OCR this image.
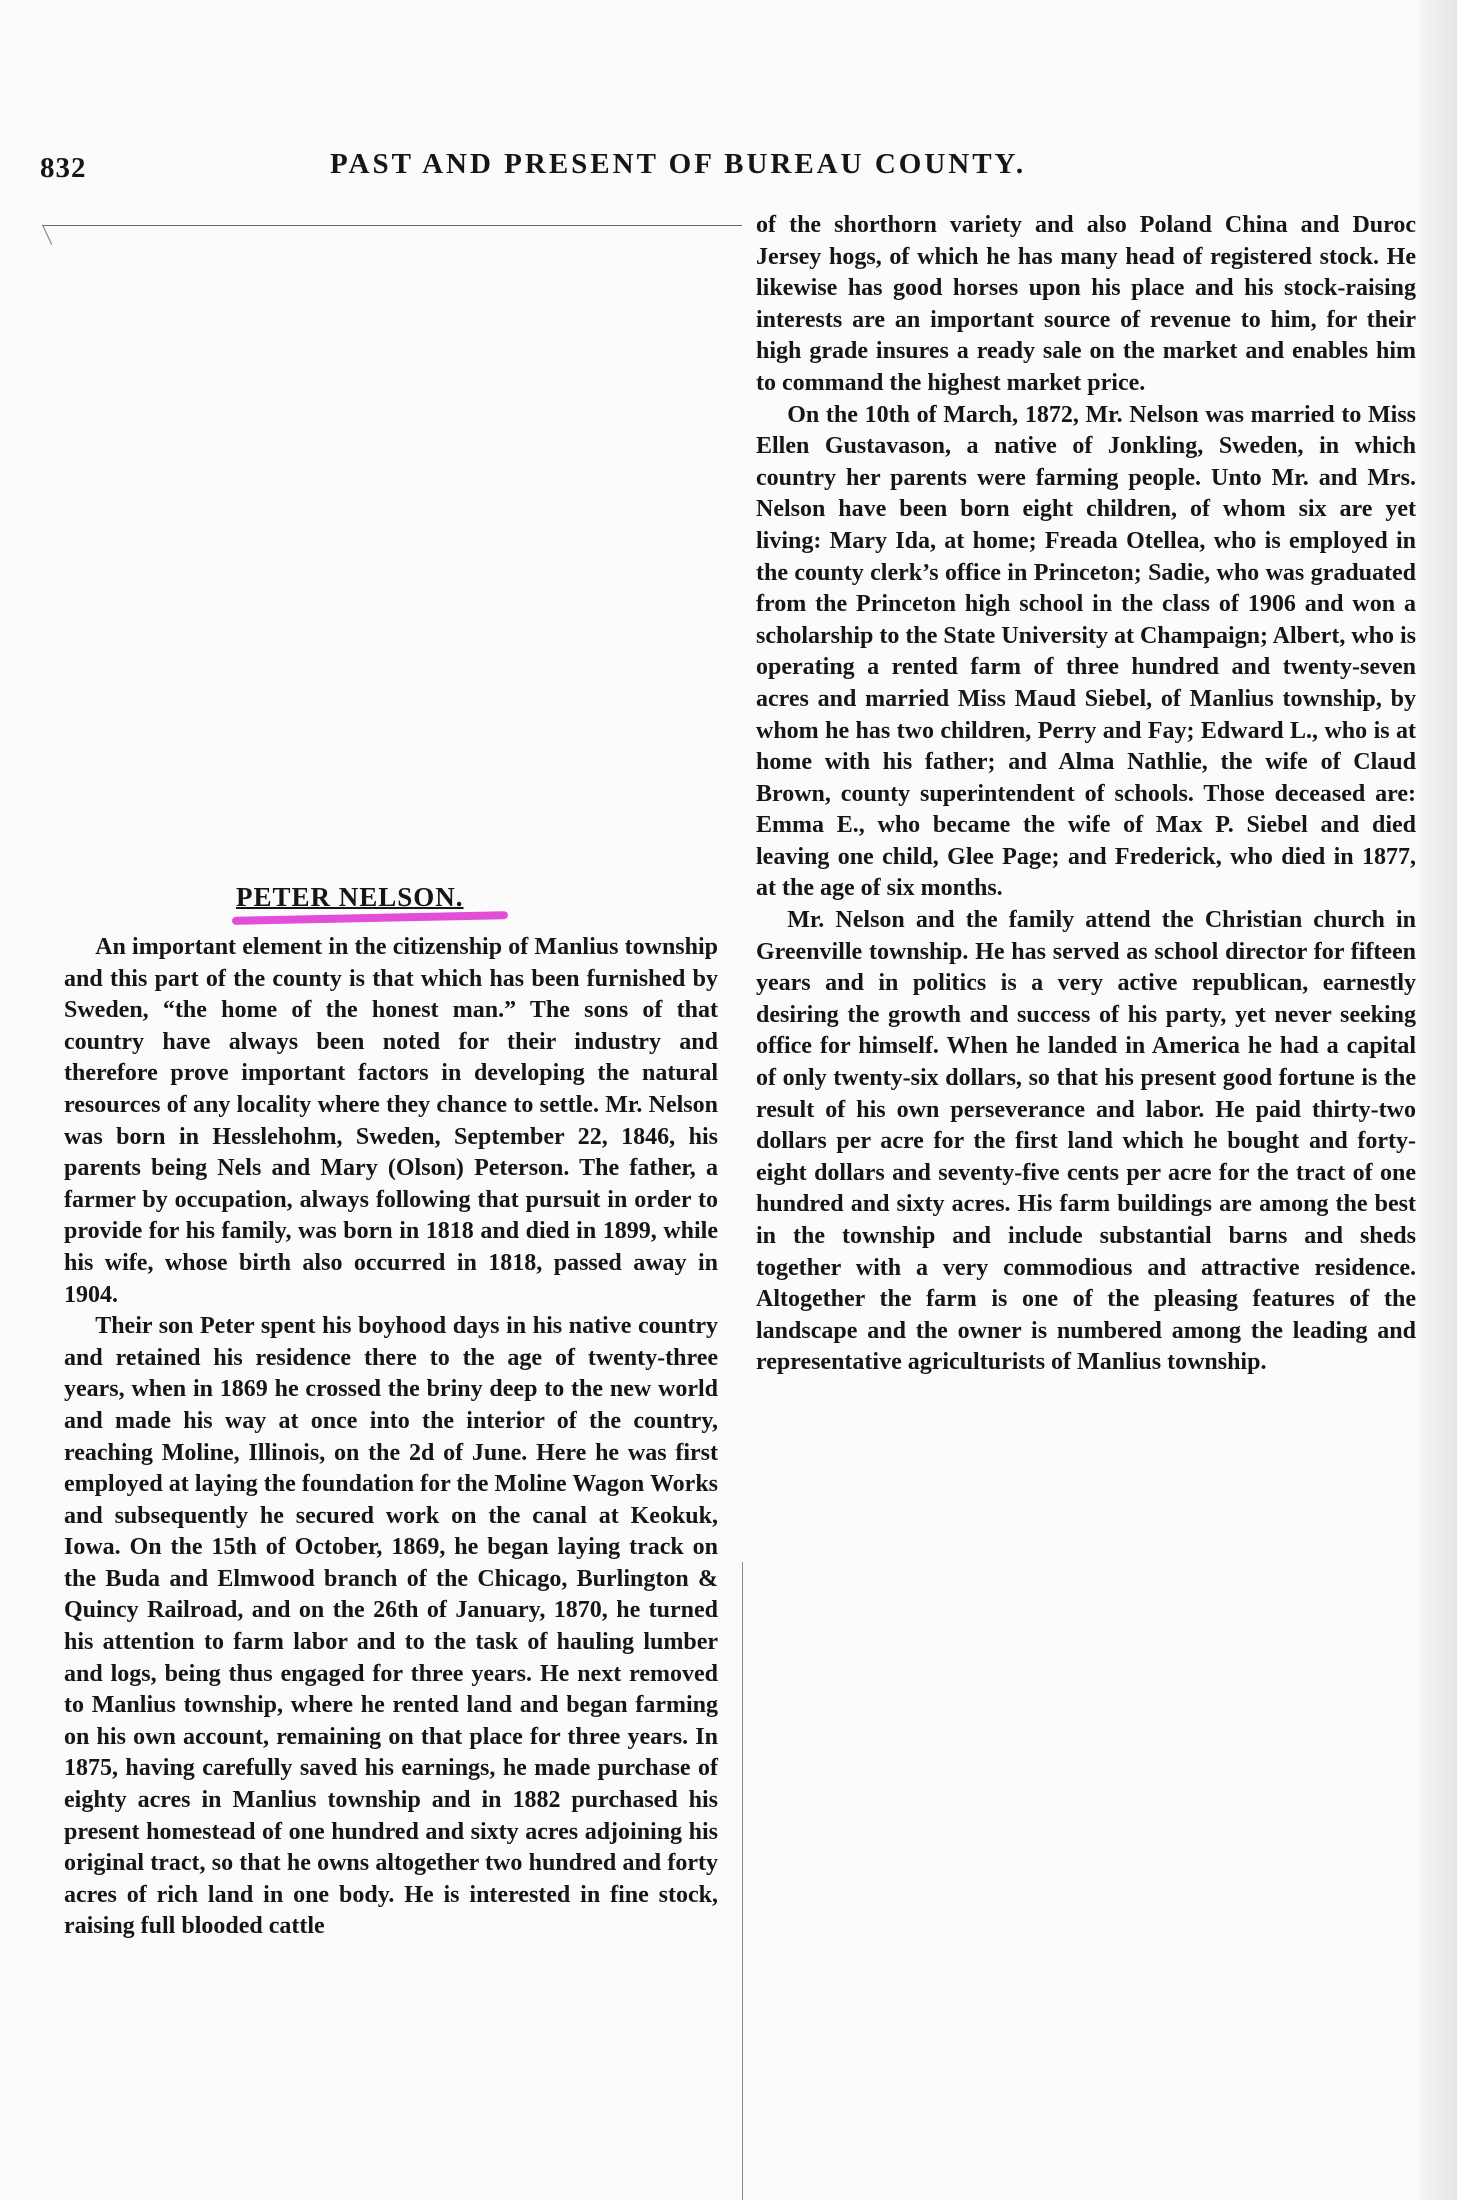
832	PAST AND PRESENT OF BUREAU COUNTY.
PETER NELSON.

An important element in the citizenship of Manlius township and this part of the county is that which has been furnished by Sweden, “the home of the honest man.” The sons of that country have always been noted for their industry and therefore prove important factors in developing the natural resources of any locality where they chance to settle. Mr. Nelson was born in Hesslehohm, Sweden, September 22, 1846, his parents being Nels and Mary (Olson) Peterson. The father, a farmer by occupation, always following that pursuit in order to provide for his family, was born in 1818 and died in 1899, while his wife, whose birth also occurred in 1818, passed away in 1904.

Their son Peter spent his boyhood days in his native country and retained his residence there to the age of twenty-three years, when in 1869 he crossed the briny deep to the new world and made his way at once into the interior of the country, reaching Moline, Illinois, on the 2d of June. Here he was first employed at laying the foundation for the Moline Wagon Works and subsequently he secured work on the canal at Keokuk, Iowa. On the 15th of October, 1869, he began laying track on the Buda and Elmwood branch of the Chicago, Burlington & Quincy Railroad, and on the 26th of January, 1870, he turned his attention to farm labor and to the task of hauling lumber and logs, being thus engaged for three years. He next removed to Manlius township, where he rented land and began farming on his own account, remaining on that place for three years. In 1875, having carefully saved his earnings, he made purchase of eighty acres in Manlius township and in 1882 purchased his present homestead of one hundred and sixty acres adjoining his original tract, so that he owns altogether two hundred and forty acres of rich land in one body. He is interested in fine stock, raising full blooded cattle

of the shorthorn variety and also Poland China and Duroc Jersey hogs, of which he has many head of registered stock. He likewise has good horses upon his place and his stock-raising interests are an important source of revenue to him, for their high grade insures a ready sale on the market and enables him to command the highest market price.

On the 10th of March, 1872, Mr. Nelson was married to Miss Ellen Gustavason, a native of Jonkling, Sweden, in which country her parents were farming people. Unto Mr. and Mrs. Nelson have been born eight children, of whom six are yet living: Mary Ida, at home; Freada Otellea, who is employed in the county clerk’s office in Princeton; Sadie, who was graduated from the Princeton high school in the class of 1906 and won a scholarship to the State University at Champaign; Albert, who is operating a rented farm of three hundred and twenty-seven acres and married Miss Maud Siebel, of Manlius township, by whom he has two children, Perry and Fay; Edward L., who is at home with his father; and Alma Nathlie, the wife of Claud Brown, county superintendent of schools. Those deceased are: Emma E., who became the wife of Max P. Siebel and died leaving one child, Glee Page; and Frederick, who died in 1877, at the age of six months.

Mr. Nelson and the family attend the Christian church in Greenville township. He has served as school director for fifteen years and in politics is a very active republican, earnestly desiring the growth and success of his party, yet never seeking office for himself. When he landed in America he had a capital of only twenty-six dollars, so that his present good fortune is the result of his own perseverance and labor. He paid thirty-two dollars per acre for the first land which he bought and forty-eight dollars and seventy-five cents per acre for the tract of one hundred and sixty acres. His farm buildings are among the best in the township and include substantial barns and sheds together with a very commodious and attractive residence. Altogether the farm is one of the pleasing features of the landscape and the owner is numbered among the leading and representative agriculturists of Manlius township.
